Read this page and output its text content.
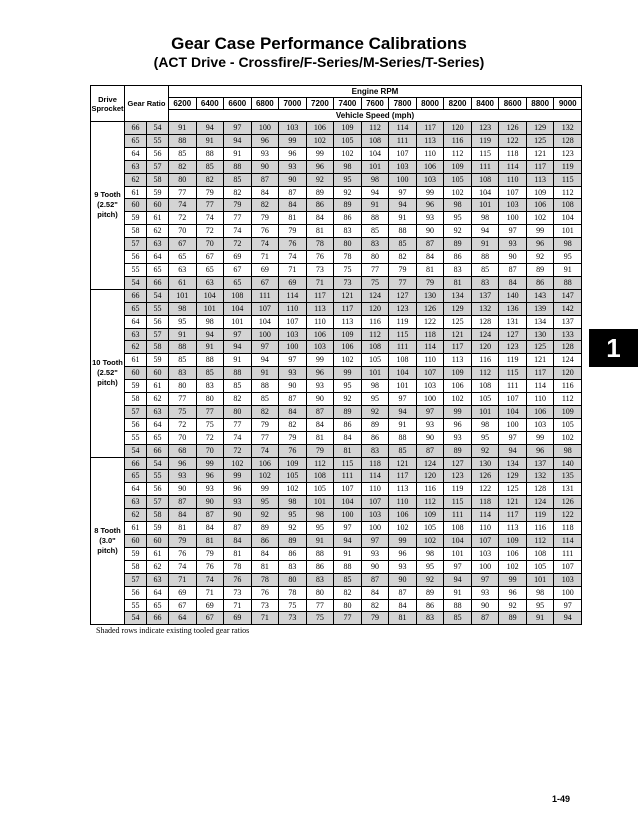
Gear Case Performance Calibrations
(ACT Drive - Crossfire/F-Series/M-Series/T-Series)
Drive
Sprocket	Gear Ratio		Engine RPM														
			6200	6400	6600	6800	7000	7200	7400	7600	7800	8000	8200	8400	8600	8800	9000
			Vehicle Speed (mph)														
9 Tooth
(2.52" pitch)	66	54	91	94	97	100	103	106	109	112	114	117	120	123	126	129	132
	65	55	88	91	94	96	99	102	105	108	111	113	116	119	122	125	128
	64	56	85	88	91	93	96	99	102	104	107	110	112	115	118	121	123
	63	57	82	85	88	90	93	96	98	101	103	106	109	111	114	117	119
	62	58	80	82	85	87	90	92	95	98	100	103	105	108	110	113	115
	61	59	77	79	82	84	87	89	92	94	97	99	102	104	107	109	112
	60	60	74	77	79	82	84	86	89	91	94	96	98	101	103	106	108
	59	61	72	74	77	79	81	84	86	88	91	93	95	98	100	102	104
	58	62	70	72	74	76	79	81	83	85	88	90	92	94	97	99	101
	57	63	67	70	72	74	76	78	80	83	85	87	89	91	93	96	98
	56	64	65	67	69	71	74	76	78	80	82	84	86	88	90	92	95
	55	65	63	65	67	69	71	73	75	77	79	81	83	85	87	89	91
	54	66	61	63	65	67	69	71	73	75	77	79	81	83	84	86	88
10 Tooth
(2.52" pitch)	66	54	101	104	108	111	114	117	121	124	127	130	134	137	140	143	147
	65	55	98	101	104	107	110	113	117	120	123	126	129	132	136	139	142
	64	56	95	98	101	104	107	110	113	116	119	122	125	128	131	134	137
	63	57	91	94	97	100	103	106	109	112	115	118	121	124	127	130	133
	62	58	88	91	94	97	100	103	106	108	111	114	117	120	123	125	128
	61	59	85	88	91	94	97	99	102	105	108	110	113	116	119	121	124
	60	60	83	85	88	91	93	96	99	101	104	107	109	112	115	117	120
	59	61	80	83	85	88	90	93	95	98	101	103	106	108	111	114	116
	58	62	77	80	82	85	87	90	92	95	97	100	102	105	107	110	112
	57	63	75	77	80	82	84	87	89	92	94	97	99	101	104	106	109
	56	64	72	75	77	79	82	84	86	89	91	93	96	98	100	103	105
	55	65	70	72	74	77	79	81	84	86	88	90	93	95	97	99	102
	54	66	68	70	72	74	76	79	81	83	85	87	89	92	94	96	98
8 Tooth
(3.0" pitch)	66	54	96	99	102	106	109	112	115	118	121	124	127	130	134	137	140
	65	55	93	96	99	102	105	108	111	114	117	120	123	126	129	132	135
	64	56	90	93	96	99	102	105	107	110	113	116	119	122	125	128	131
	63	57	87	90	93	95	98	101	104	107	110	112	115	118	121	124	126
	62	58	84	87	90	92	95	98	100	103	106	109	111	114	117	119	122
	61	59	81	84	87	89	92	95	97	100	102	105	108	110	113	116	118
	60	60	79	81	84	86	89	91	94	97	99	102	104	107	109	112	114
	59	61	76	79	81	84	86	88	91	93	96	98	101	103	106	108	111
	58	62	74	76	78	81	83	86	88	90	93	95	97	100	102	105	107
	57	63	71	74	76	78	80	83	85	87	90	92	94	97	99	101	103
	56	64	69	71	73	76	78	80	82	84	87	89	91	93	96	98	100
	55	65	67	69	71	73	75	77	80	82	84	86	88	90	92	95	97
	54	66	64	67	69	71	73	75	77	79	81	83	85	87	89	91	94
Shaded rows indicate existing tooled gear ratios
1
1-49
